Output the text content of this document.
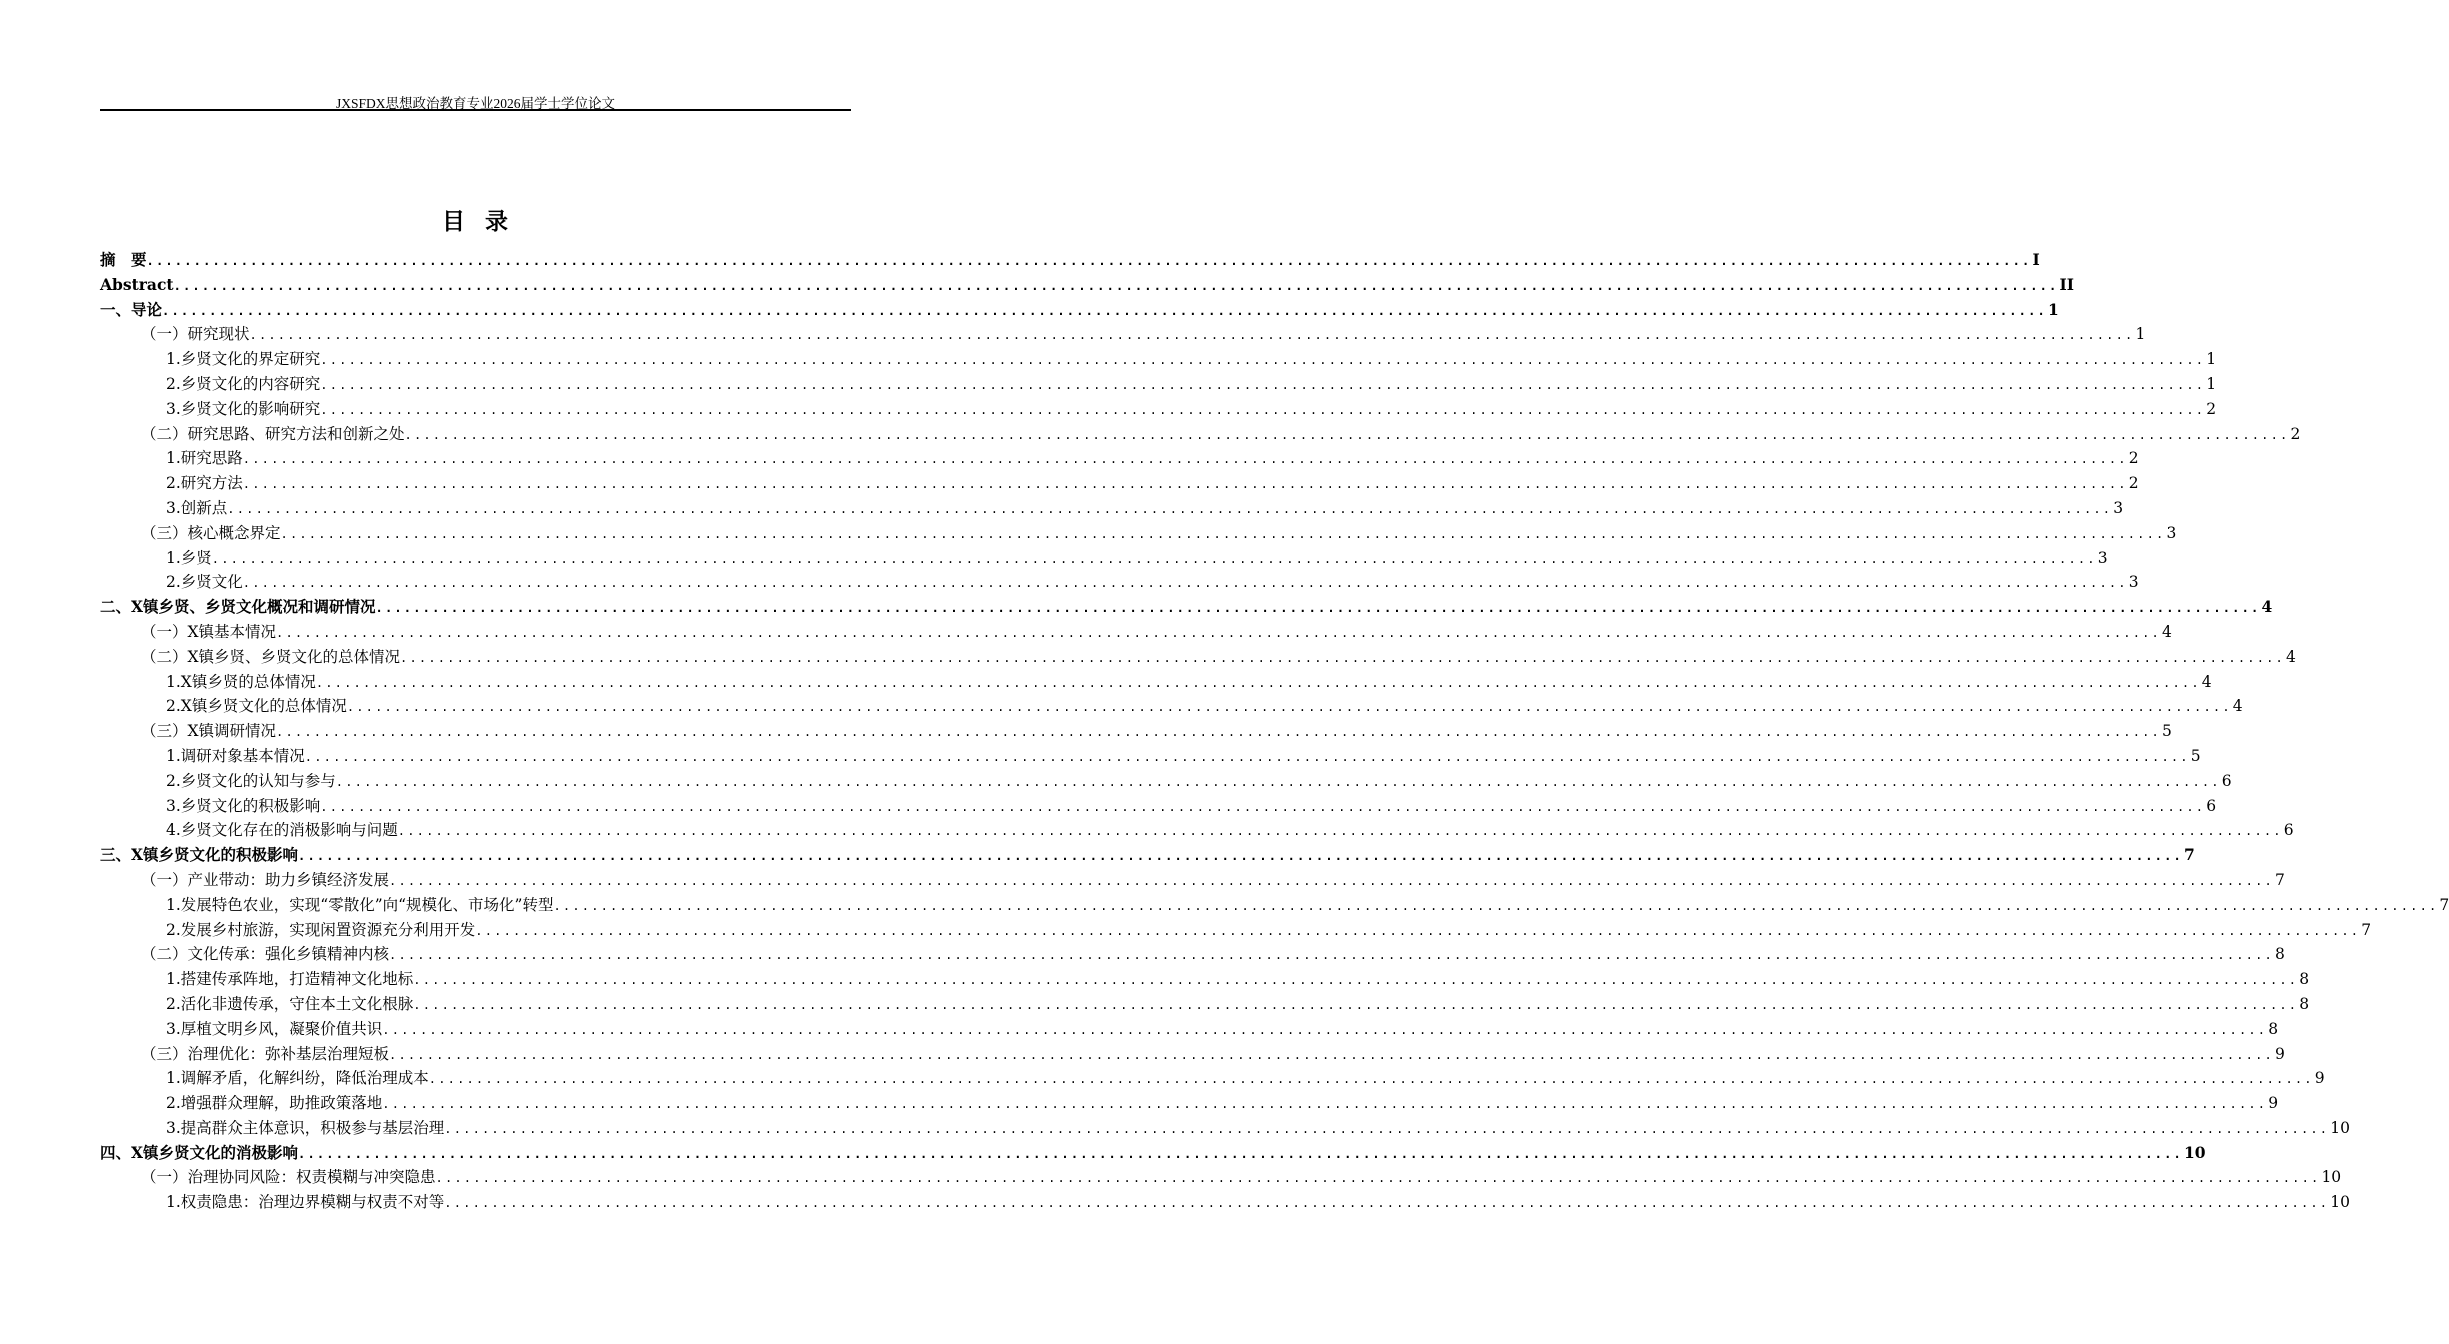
JXSFDX思想政治教育专业2026届学士学位论文
目录
摘　要 ........................................................................................................................................................................................................ I
Abstract ........................................................................................................................................................................................................ II
一、导论 ........................................................................................................................................................................................................ 1
（一）研究现状 ........................................................................................................................................................................................................ 1
1.乡贤文化的界定研究 ........................................................................................................................................................................................................ 1
2.乡贤文化的内容研究 ........................................................................................................................................................................................................ 1
3.乡贤文化的影响研究 ........................................................................................................................................................................................................ 2
（二）研究思路、研究方法和创新之处 ........................................................................................................................................................................................................ 2
1.研究思路 ........................................................................................................................................................................................................ 2
2.研究方法 ........................................................................................................................................................................................................ 2
3.创新点 ........................................................................................................................................................................................................ 3
（三）核心概念界定 ........................................................................................................................................................................................................ 3
1.乡贤 ........................................................................................................................................................................................................ 3
2.乡贤文化 ........................................................................................................................................................................................................ 3
二、X镇乡贤、乡贤文化概况和调研情况 ........................................................................................................................................................................................................ 4
（一）X镇基本情况 ........................................................................................................................................................................................................ 4
（二）X镇乡贤、乡贤文化的总体情况 ........................................................................................................................................................................................................ 4
1.X镇乡贤的总体情况 ........................................................................................................................................................................................................ 4
2.X镇乡贤文化的总体情况 ........................................................................................................................................................................................................ 4
（三）X镇调研情况 ........................................................................................................................................................................................................ 5
1.调研对象基本情况 ........................................................................................................................................................................................................ 5
2.乡贤文化的认知与参与 ........................................................................................................................................................................................................ 6
3.乡贤文化的积极影响 ........................................................................................................................................................................................................ 6
4.乡贤文化存在的消极影响与问题 ........................................................................................................................................................................................................ 6
三、X镇乡贤文化的积极影响 ........................................................................................................................................................................................................ 7
（一）产业带动：助力乡镇经济发展 ........................................................................................................................................................................................................ 7
1.发展特色农业，实现“零散化”向“规模化、市场化”转型 ........................................................................................................................................................................................................ 7
2.发展乡村旅游，实现闲置资源充分利用开发 ........................................................................................................................................................................................................ 7
（二）文化传承：强化乡镇精神内核 ........................................................................................................................................................................................................ 8
1.搭建传承阵地，打造精神文化地标 ........................................................................................................................................................................................................ 8
2.活化非遗传承，守住本土文化根脉 ........................................................................................................................................................................................................ 8
3.厚植文明乡风，凝聚价值共识 ........................................................................................................................................................................................................ 8
（三）治理优化：弥补基层治理短板 ........................................................................................................................................................................................................ 9
1.调解矛盾，化解纠纷，降低治理成本 ........................................................................................................................................................................................................ 9
2.增强群众理解，助推政策落地 ........................................................................................................................................................................................................ 9
3.提高群众主体意识，积极参与基层治理 ........................................................................................................................................................................................................ 10
四、X镇乡贤文化的消极影响 ........................................................................................................................................................................................................ 10
（一）治理协同风险：权责模糊与冲突隐患 ........................................................................................................................................................................................................ 10
1.权责隐患：治理边界模糊与权责不对等 ........................................................................................................................................................................................................ 10
